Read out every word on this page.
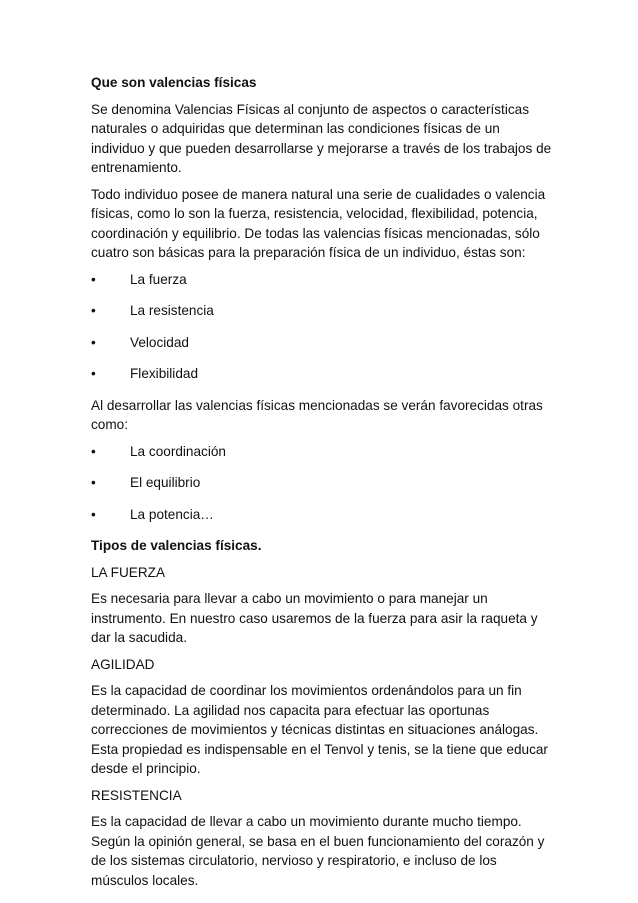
Que son valencias físicas

Se denomina Valencias Físicas al conjunto de aspectos o características naturales o adquiridas que determinan las condiciones físicas de un individuo y que pueden desarrollarse y mejorarse a través de los trabajos de entrenamiento.

Todo individuo posee de manera natural una serie de cualidades o valencia físicas, como lo son la fuerza, resistencia, velocidad, flexibilidad, potencia, coordinación y equilibrio. De todas las valencias físicas mencionadas, sólo cuatro son básicas para la preparación física de un individuo, éstas son:

•	La fuerza
•	La resistencia
•	Velocidad
•	Flexibilidad

Al desarrollar las valencias físicas mencionadas se verán favorecidas otras como:

•	La coordinación
•	El equilibrio
•	La potencia…

Tipos de valencias físicas.

LA FUERZA

Es necesaria para llevar a cabo un movimiento o para manejar un instrumento. En nuestro caso usaremos de la fuerza para asir la raqueta y dar la sacudida.

AGILIDAD

Es la capacidad de coordinar los movimientos ordenándolos para un fin determinado. La agilidad nos capacita para efectuar las oportunas correcciones de movimientos y técnicas distintas en situaciones análogas. Esta propiedad es indispensable en el Tenvol y tenis, se la tiene que educar desde el principio.

RESISTENCIA

Es la capacidad de llevar a cabo un movimiento durante mucho tiempo. Según la opinión general, se basa en el buen funcionamiento del corazón y de los sistemas circulatorio, nervioso y respiratorio, e incluso de los músculos locales.
